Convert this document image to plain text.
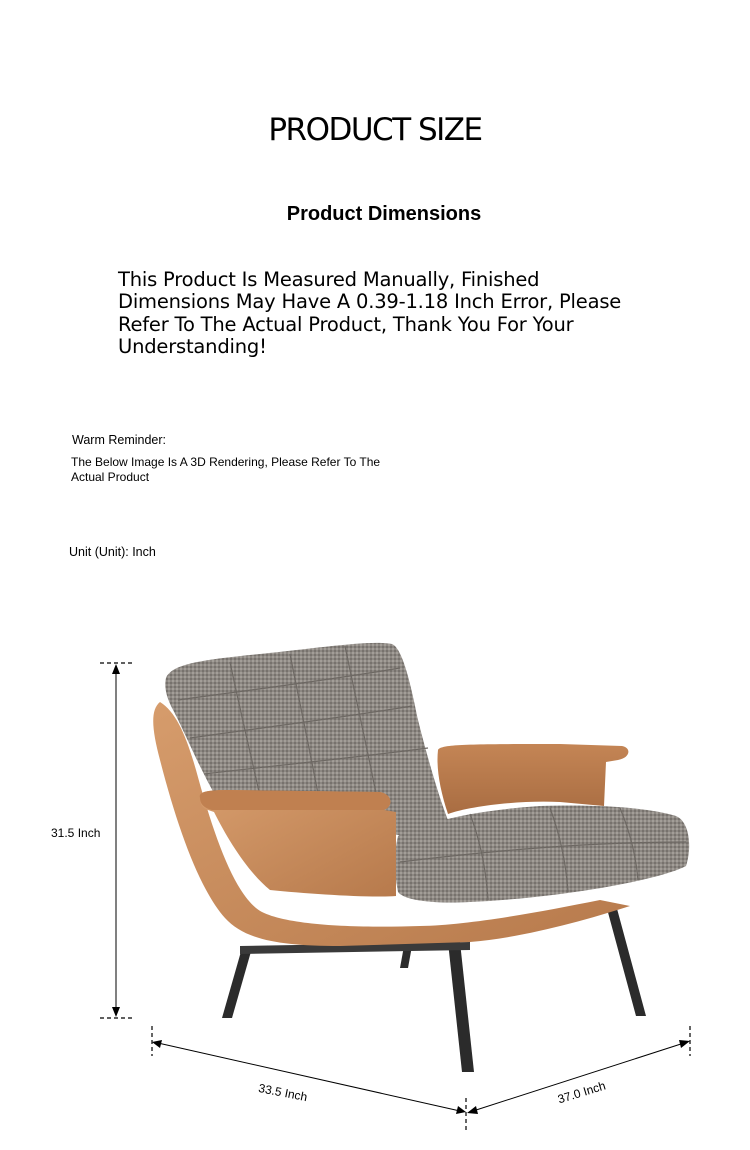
PRODUCT SIZE
Product Dimensions

This Product Is Measured Manually, Finished Dimensions May Have A 0.39-1.18 Inch Error, Please Refer To The Actual Product, Thank You For Your Understanding!

Warm Reminder:

The Below Image Is A 3D Rendering, Please Refer To The Actual Product

Unit (Unit): Inch

31.5 Inch

33.5 Inch	37.0 Inch
